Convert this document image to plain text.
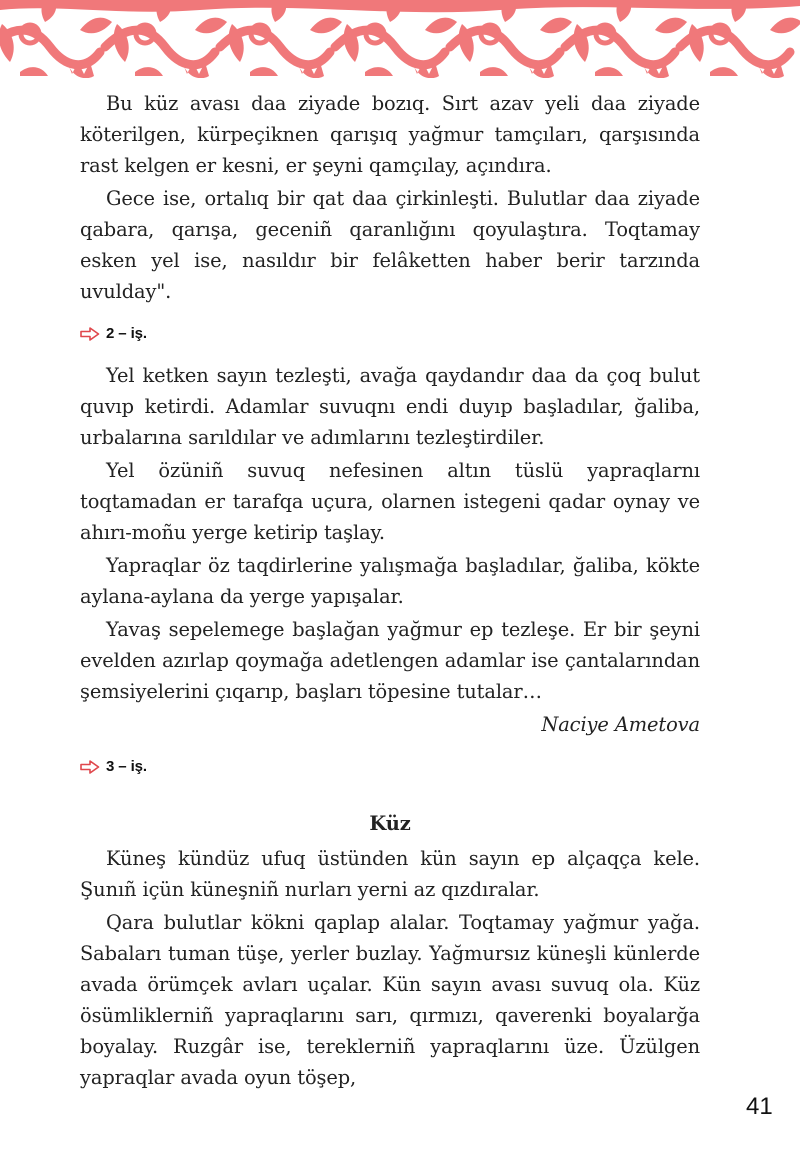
Bu küz avası daa ziyade bozıq. Sırt azav yeli daa ziyade köterilgen, kürpeçiknen qarışıq yağmur tamçıları, qarşısında rast kelgen er kesni, er şeyni qamçılay, açındıra.

Gece ise, ortalıq bir qat daa çirkinleşti. Bulutlar daa ziyade qabara, qarışa, geceniñ qaranlığını qoyulaştıra. Toqtamay esken yel ise, nasıldır bir felâketten haber berir tarzında uvulday".

2 – iş.

Yel ketken sayın tezleşti, avağa qaydandır daa da çoq bulut quvıp ketirdi. Adamlar suvuqnı endi duyıp başladılar, ğaliba, urbalarına sarıldılar ve adımlarını tezleştirdiler.

Yel özüniñ suvuq nefesinen altın tüslü yapraqlarnı toqtamadan er tarafqa uçura, olarnen istegeni qadar oynay ve ahırı-moñu yerge ketirip taşlay.

Yapraqlar öz taqdirlerine yalışmağa başladılar, ğaliba, kökte aylana-aylana da yerge yapışalar.

Yavaş sepelemege başlağan yağmur ep tezleşe. Er bir şeyni evelden azırlap qoymağa adetlengen adamlar ise çantalarından şemsiyelerini çıqarıp, başları töpesine tutalar…

Naciye Ametova

3 – iş.
Küz

Küneş kündüz ufuq üstünden kün sayın ep alçaqça kele. Şunıñ içün küneşniñ nurları yerni az qızdıralar.

Qara bulutlar kökni qaplap alalar. Toqtamay yağmur yağa. Sabaları tuman tüşe, yerler buzlay. Yağmursız küneşli künlerde avada örümçek avları uçalar. Kün sayın avası suvuq ola. Küz ösümliklerniñ yapraqlarını sarı, qırmızı, qaverenki boyalarğa boyalay. Ruzgâr ise, tereklerniñ yapraqlarını üze. Üzülgen yapraqlar avada oyun töşep,

41
